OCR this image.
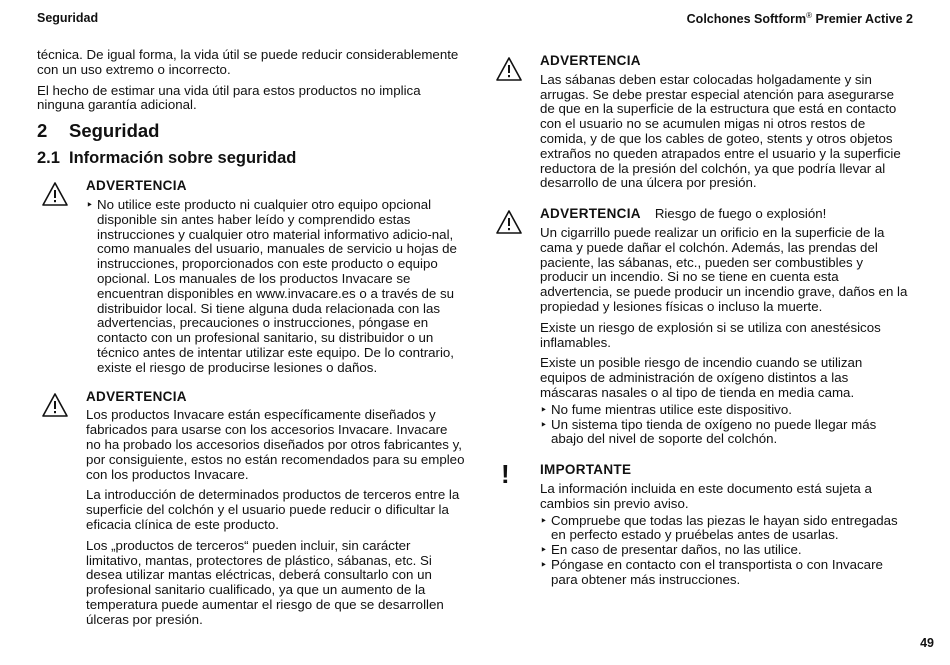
Seguridad	Colchones Softform® Premier Active 2

técnica. De igual forma, la vida útil se puede reducir considerablemente con un uso extremo o incorrecto.

El hecho de estimar una vida útil para estos productos no implica ninguna garantía adicional.

2 Seguridad
2.1 Información sobre seguridad
ADVERTENCIA
‣ No utilice este producto ni cualquier otro equipo opcional disponible sin antes haber leído y comprendido estas instrucciones y cualquier otro material informativo adicio-nal, como manuales del usuario, manuales de servicio u hojas de instrucciones, proporcionados con este producto o equipo opcional. Los manuales de los productos Invacare se encuentran disponibles en www.invacare.es o a través de su distribuidor local. Si tiene alguna duda relacionada con las advertencias, precauciones o instrucciones, póngase en contacto con un profesional sanitario, su distribuidor o un técnico antes de intentar utilizar este equipo. De lo contrario, existe el riesgo de producirse lesiones o daños.
ADVERTENCIA

Los productos Invacare están específicamente diseñados y fabricados para usarse con los accesorios Invacare. Invacare no ha probado los accesorios diseñados por otros fabricantes y, por consiguiente, estos no están recomendados para su empleo con los productos Invacare.

La introducción de determinados productos de terceros entre la superficie del colchón y el usuario puede reducir o dificultar la eficacia clínica de este producto.

Los „productos de terceros“ pueden incluir, sin carácter limitativo, mantas, protectores de plástico, sábanas, etc. Si desea utilizar mantas eléctricas, deberá consultarlo con un profesional sanitario cualificado, ya que un aumento de la temperatura puede aumentar el riesgo de que se desarrollen úlceras por presión.

ADVERTENCIA

Las sábanas deben estar colocadas holgadamente y sin arrugas. Se debe prestar especial atención para asegurarse de que en la superficie de la estructura que está en contacto con el usuario no se acumulen migas ni otros restos de comida, y de que los cables de goteo, stents y otros objetos extraños no queden atrapados entre el usuario y la superficie reductora de la presión del colchón, ya que podría llevar al desarrollo de una úlcera por presión.

ADVERTENCIA Riesgo de fuego o explosión!

Un cigarrillo puede realizar un orificio en la superficie de la cama y puede dañar el colchón. Además, las prendas del paciente, las sábanas, etc., pueden ser combustibles y producir un incendio. Si no se tiene en cuenta esta advertencia, se puede producir un incendio grave, daños en la propiedad y lesiones físicas o incluso la muerte.

Existe un riesgo de explosión si se utiliza con anestésicos inflamables.

Existe un posible riesgo de incendio cuando se utilizan equipos de administración de oxígeno distintos a las máscaras nasales o al tipo de tienda en media cama.

‣ No fume mientras utilice este dispositivo.
‣ Un sistema tipo tienda de oxígeno no puede llegar más abajo del nivel de soporte del colchón.
! IMPORTANTE

La información incluida en este documento está sujeta a cambios sin previo aviso.

‣ Compruebe que todas las piezas le hayan sido entregadas en perfecto estado y pruébelas antes de usarlas.
‣ En caso de presentar daños, no las utilice.
‣ Póngase en contacto con el transportista o con Invacare para obtener más instrucciones.
49
